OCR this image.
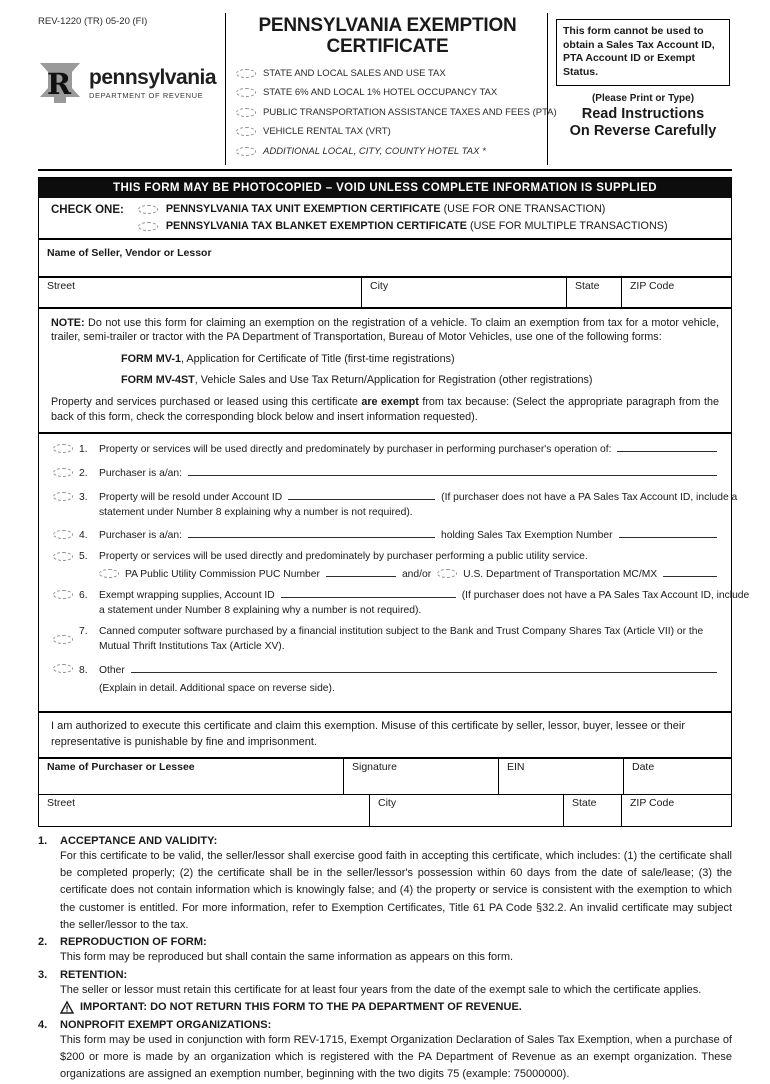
REV-1220 (TR) 05-20 (FI)
R pennsylvania
DEPARTMENT OF REVENUE
PENNSYLVANIA EXEMPTION
CERTIFICATE
STATE AND LOCAL SALES AND USE TAX
STATE 6% AND LOCAL 1% HOTEL OCCUPANCY TAX
PUBLIC TRANSPORTATION ASSISTANCE TAXES AND FEES (PTA)
VEHICLE RENTAL TAX (VRT)
ADDITIONAL LOCAL, CITY, COUNTY HOTEL TAX *
This form cannot be used to obtain a Sales Tax Account ID, PTA Account ID or Exempt Status.
(Please Print or Type)
Read Instructions
On Reverse Carefully
THIS FORM MAY BE PHOTOCOPIED – VOID UNLESS COMPLETE INFORMATION IS SUPPLIED
CHECK ONE:	PENNSYLVANIA TAX UNIT EXEMPTION CERTIFICATE (USE FOR ONE TRANSACTION)
PENNSYLVANIA TAX BLANKET EXEMPTION CERTIFICATE (USE FOR MULTIPLE TRANSACTIONS)
Name of Seller, Vendor or Lessor
Street	City	State	ZIP Code

NOTE: Do not use this form for claiming an exemption on the registration of a vehicle. To claim an exemption from tax for a motor vehicle, trailer, semi-trailer or tractor with the PA Department of Transportation, Bureau of Motor Vehicles, use one of the following forms:

FORM MV-1, Application for Certificate of Title (first-time registrations)
FORM MV-4ST, Vehicle Sales and Use Tax Return/Application for Registration (other registrations)

Property and services purchased or leased using this certificate are exempt from tax because: (Select the appropriate paragraph from the back of this form, check the corresponding block below and insert information requested).

1.	Property or services will be used directly and predominately by purchaser in performing purchaser's operation of:
2.	Purchaser is a/an:
3.	Property will be resold under Account ID	(If purchaser does not have a PA Sales Tax Account ID, include a
statement under Number 8 explaining why a number is not required).
4.	Purchaser is a/an:	holding Sales Tax Exemption Number
5.	Property or services will be used directly and predominately by purchaser performing a public utility service.
PA Public Utility Commission PUC Number	and/or	U.S. Department of Transportation MC/MX
6.	Exempt wrapping supplies, Account ID	(If purchaser does not have a PA Sales Tax Account ID, include
a statement under Number 8 explaining why a number is not required).
7.	Canned computer software purchased by a financial institution subject to the Bank and Trust Company Shares Tax (Article VII) or the Mutual Thrift Institutions Tax (Article XV).
8.	Other
(Explain in detail. Additional space on reverse side).
I am authorized to execute this certificate and claim this exemption. Misuse of this certificate by seller, lessor, buyer, lessee or their representative is punishable by fine and imprisonment.
Name of Purchaser or Lessee	Signature	EIN	Date
Street	City	State	ZIP Code
1.	ACCEPTANCE AND VALIDITY:
For this certificate to be valid, the seller/lessor shall exercise good faith in accepting this certificate, which includes: (1) the certificate shall be completed properly; (2) the certificate shall be in the seller/lessor's possession within 60 days from the date of sale/lease; (3) the certificate does not contain information which is knowingly false; and (4) the property or service is consistent with the exemption to which the customer is entitled. For more information, refer to Exemption Certificates, Title 61 PA Code §32.2. An invalid certificate may subject the seller/lessor to the tax.
2.	REPRODUCTION OF FORM:
This form may be reproduced but shall contain the same information as appears on this form.
3.	RETENTION:
The seller or lessor must retain this certificate for at least four years from the date of the exempt sale to which the certificate applies.
IMPORTANT: DO NOT RETURN THIS FORM TO THE PA DEPARTMENT OF REVENUE.
4.	NONPROFIT EXEMPT ORGANIZATIONS:
This form may be used in conjunction with form REV-1715, Exempt Organization Declaration of Sales Tax Exemption, when a purchase of $200 or more is made by an organization which is registered with the PA Department of Revenue as an exempt organization. These organizations are assigned an exemption number, beginning with the two digits 75 (example: 75000000).
